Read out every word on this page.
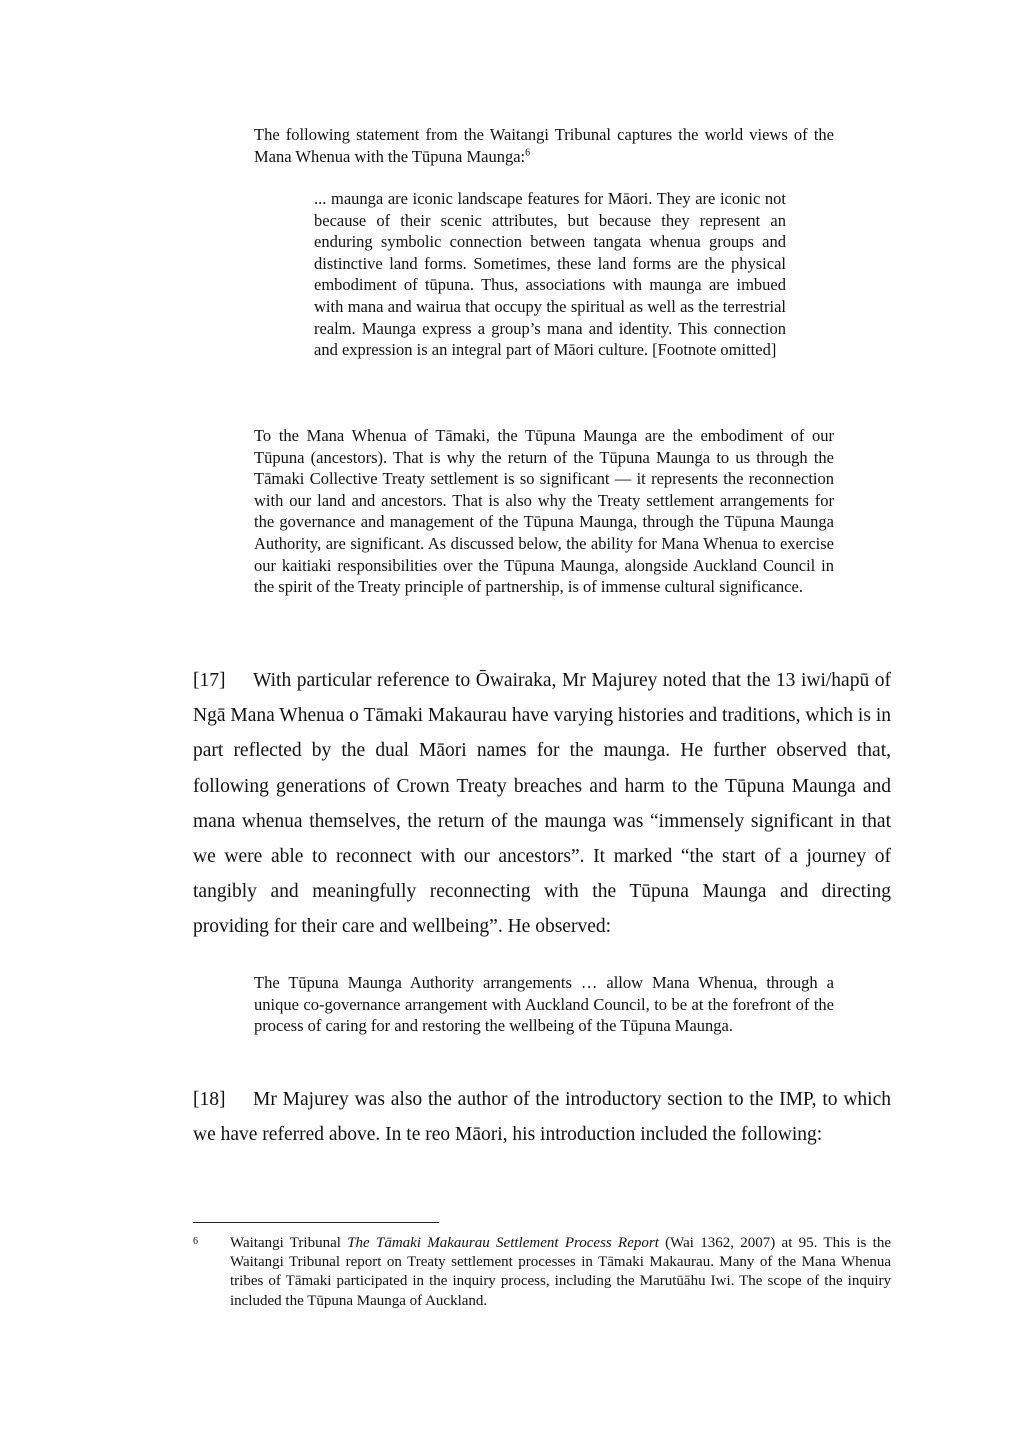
The following statement from the Waitangi Tribunal captures the world views of the Mana Whenua with the Tūpuna Maunga:$^6$
... maunga are iconic landscape features for Māori. They are iconic not because of their scenic attributes, but because they represent an enduring symbolic connection between tangata whenua groups and distinctive land forms. Sometimes, these land forms are the physical embodiment of tūpuna. Thus, associations with maunga are imbued with mana and wairua that occupy the spiritual as well as the terrestrial realm. Maunga express a group’s mana and identity. This connection and expression is an integral part of Māori culture. [Footnote omitted]
To the Mana Whenua of Tāmaki, the Tūpuna Maunga are the embodiment of our Tūpuna (ancestors). That is why the return of the Tūpuna Maunga to us through the Tāmaki Collective Treaty settlement is so significant — it represents the reconnection with our land and ancestors. That is also why the Treaty settlement arrangements for the governance and management of the Tūpuna Maunga, through the Tūpuna Maunga Authority, are significant. As discussed below, the ability for Mana Whenua to exercise our kaitiaki responsibilities over the Tūpuna Maunga, alongside Auckland Council in the spirit of the Treaty principle of partnership, is of immense cultural significance.
[17] With particular reference to Ōwairaka, Mr Majurey noted that the 13 iwi/hapū of Ngā Mana Whenua o Tāmaki Makaurau have varying histories and traditions, which is in part reflected by the dual Māori names for the maunga. He further observed that, following generations of Crown Treaty breaches and harm to the Tūpuna Maunga and mana whenua themselves, the return of the maunga was “immensely significant in that we were able to reconnect with our ancestors”. It marked “the start of a journey of tangibly and meaningfully reconnecting with the Tūpuna Maunga and directing providing for their care and wellbeing”. He observed:
The Tūpuna Maunga Authority arrangements … allow Mana Whenua, through a unique co-governance arrangement with Auckland Council, to be at the forefront of the process of caring for and restoring the wellbeing of the Tūpuna Maunga.
[18] Mr Majurey was also the author of the introductory section to the IMP, to which we have referred above. In te reo Māori, his introduction included the following:
6 Waitangi Tribunal The Tāmaki Makaurau Settlement Process Report (Wai 1362, 2007) at 95. This is the Waitangi Tribunal report on Treaty settlement processes in Tāmaki Makaurau. Many of the Mana Whenua tribes of Tāmaki participated in the inquiry process, including the Marutūāhu Iwi. The scope of the inquiry included the Tūpuna Maunga of Auckland.
